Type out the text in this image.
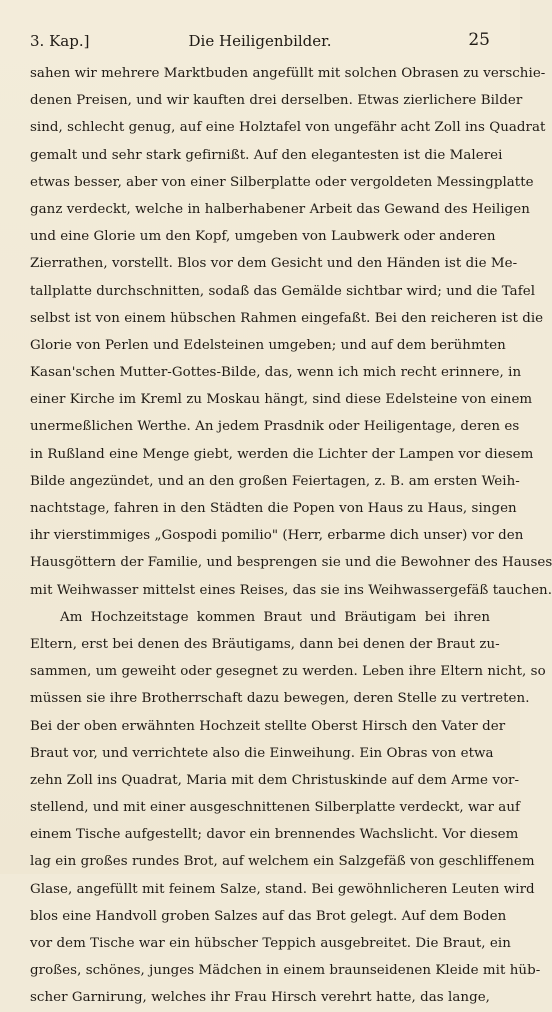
3. Kap.]	Die Heiligenbilder.	25
sahen wir mehrere Marktbuden angefüllt mit solchen Obrasen zu verschie-
denen Preisen, und wir kauften drei derselben. Etwas zierlichere Bilder
sind, schlecht genug, auf eine Holztafel von ungefähr acht Zoll ins Quadrat
gemalt und sehr stark gefirnißt. Auf den elegantesten ist die Malerei
etwas besser, aber von einer Silberplatte oder vergoldeten Messingplatte
ganz verdeckt, welche in halberhabener Arbeit das Gewand des Heiligen
und eine Glorie um den Kopf, umgeben von Laubwerk oder anderen
Zierrathen, vorstellt. Blos vor dem Gesicht und den Händen ist die Me-
tallplatte durchschnitten, sodaß das Gemälde sichtbar wird; und die Tafel
selbst ist von einem hübschen Rahmen eingefaßt. Bei den reicheren ist die
Glorie von Perlen und Edelsteinen umgeben; und auf dem berühmten
Kasan'schen Mutter-Gottes-Bilde, das, wenn ich mich recht erinnere, in
einer Kirche im Kreml zu Moskau hängt, sind diese Edelsteine von einem
unermeßlichen Werthe. An jedem Prasdnik oder Heiligentage, deren es
in Rußland eine Menge giebt, werden die Lichter der Lampen vor diesem
Bilde angezündet, und an den großen Feiertagen, z. B. am ersten Weih-
nachtstage, fahren in den Städten die Popen von Haus zu Haus, singen
ihr vierstimmiges „Gospodi pomilio" (Herr, erbarme dich unser) vor den
Hausgöttern der Familie, und besprengen sie und die Bewohner des Hauses
mit Weihwasser mittelst eines Reises, das sie ins Weihwassergefäß tauchen.
Am Hochzeitstage kommen Braut und Bräutigam bei ihren
Eltern, erst bei denen des Bräutigams, dann bei denen der Braut zu-
sammen, um geweiht oder gesegnet zu werden. Leben ihre Eltern nicht, so
müssen sie ihre Brotherrschaft dazu bewegen, deren Stelle zu vertreten.
Bei der oben erwähnten Hochzeit stellte Oberst Hirsch den Vater der
Braut vor, und verrichtete also die Einweihung. Ein Obras von etwa
zehn Zoll ins Quadrat, Maria mit dem Christuskinde auf dem Arme vor-
stellend, und mit einer ausgeschnittenen Silberplatte verdeckt, war auf
einem Tische aufgestellt; davor ein brennendes Wachslicht. Vor diesem
lag ein großes rundes Brot, auf welchem ein Salzgefäß von geschliffenem
Glase, angefüllt mit feinem Salze, stand. Bei gewöhnlicheren Leuten wird
blos eine Handvoll groben Salzes auf das Brot gelegt. Auf dem Boden
vor dem Tische war ein hübscher Teppich ausgebreitet. Die Braut, ein
großes, schönes, junges Mädchen in einem braunseidenen Kleide mit hüb-
scher Garnirung, welches ihr Frau Hirsch verehrt hatte, das lange,
